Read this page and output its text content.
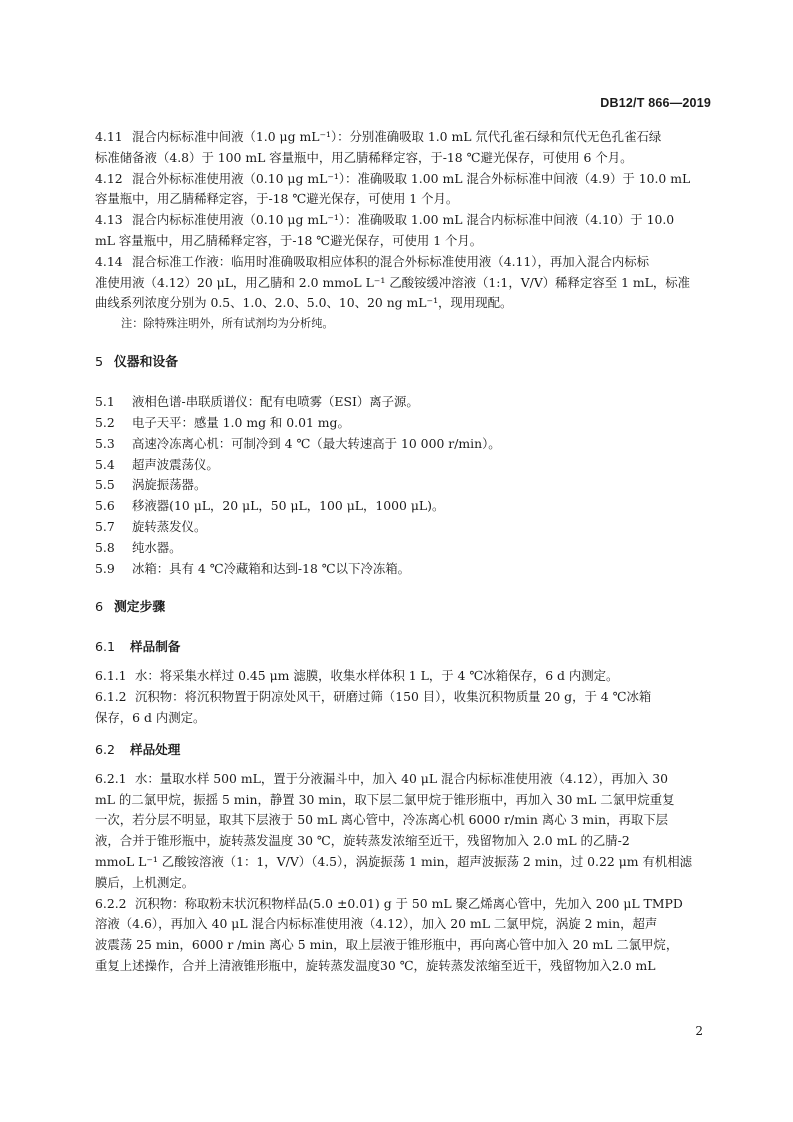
DB12/T 866—2019
4.11 混合内标标准中间液（1.0 μg mL⁻¹）：分别准确吸取 1.0 mL 氘代孔雀石绿和氘代无色孔雀石绿
标准储备液（4.8）于 100 mL 容量瓶中，用乙腈稀释定容，于-18 ℃避光保存，可使用 6 个月。
4.12 混合外标标准使用液（0.10 μg mL⁻¹）：准确吸取 1.00 mL 混合外标标准中间液（4.9）于 10.0 mL
容量瓶中，用乙腈稀释定容，于-18 ℃避光保存，可使用 1 个月。
4.13 混合内标标准使用液（0.10 μg mL⁻¹）：准确吸取 1.00 mL 混合内标标准中间液（4.10）于 10.0
mL 容量瓶中，用乙腈稀释定容，于-18 ℃避光保存，可使用 1 个月。
4.14 混合标准工作液：临用时准确吸取相应体积的混合外标标准使用液（4.11），再加入混合内标标
准使用液（4.12）20 μL，用乙腈和 2.0 mmoL L⁻¹ 乙酸铵缓冲溶液（1:1，V/V）稀释定容至 1 mL，标准
曲线系列浓度分别为 0.5、1.0、2.0、5.0、10、20 ng mL⁻¹，现用现配。
注：除特殊注明外，所有试剂均为分析纯。
5 仪器和设备
5.1	液相色谱-串联质谱仪：配有电喷雾（ESI）离子源。
5.2	电子天平：感量 1.0 mg 和 0.01 mg。
5.3	高速冷冻离心机：可制冷到 4 ℃（最大转速高于 10 000 r/min）。
5.4	超声波震荡仪。
5.5	涡旋振荡器。
5.6	移液器(10 μL，20 μL，50 μL，100 μL，1000 μL)。
5.7	旋转蒸发仪。
5.8	纯水器。
5.9	冰箱：具有 4 ℃冷藏箱和达到-18 ℃以下冷冻箱。
6 测定步骤
6.1	样品制备
6.1.1 水：将采集水样过 0.45 μm 滤膜，收集水样体积 1 L，于 4 ℃冰箱保存，6 d 内测定。
6.1.2 沉积物：将沉积物置于阴凉处风干，研磨过筛（150 目），收集沉积物质量 20 g，于 4 ℃冰箱
保存，6 d 内测定。
6.2	样品处理
6.2.1 水：量取水样 500 mL，置于分液漏斗中，加入 40 μL 混合内标标准使用液（4.12），再加入 30
mL 的二氯甲烷，振摇 5 min，静置 30 min，取下层二氯甲烷于锥形瓶中，再加入 30 mL 二氯甲烷重复
一次，若分层不明显，取其下层液于 50 mL 离心管中，冷冻离心机 6000 r/min 离心 3 min，再取下层
液，合并于锥形瓶中，旋转蒸发温度 30 ℃，旋转蒸发浓缩至近干，残留物加入 2.0 mL 的乙腈-2
mmoL L⁻¹ 乙酸铵溶液（1：1，V/V）（4.5），涡旋振荡 1 min，超声波振荡 2 min，过 0.22 μm 有机相滤
膜后，上机测定。
6.2.2 沉积物：称取粉末状沉积物样品(5.0 ±0.01) g 于 50 mL 聚乙烯离心管中，先加入 200 μL TMPD
溶液（4.6），再加入 40 μL 混合内标标准使用液（4.12），加入 20 mL 二氯甲烷，涡旋 2 min，超声
波震荡 25 min，6000 r /min 离心 5 min，取上层液于锥形瓶中，再向离心管中加入 20 mL 二氯甲烷，
重复上述操作，合并上清液锥形瓶中，旋转蒸发温度30 ℃，旋转蒸发浓缩至近干，残留物加入2.0 mL
2
